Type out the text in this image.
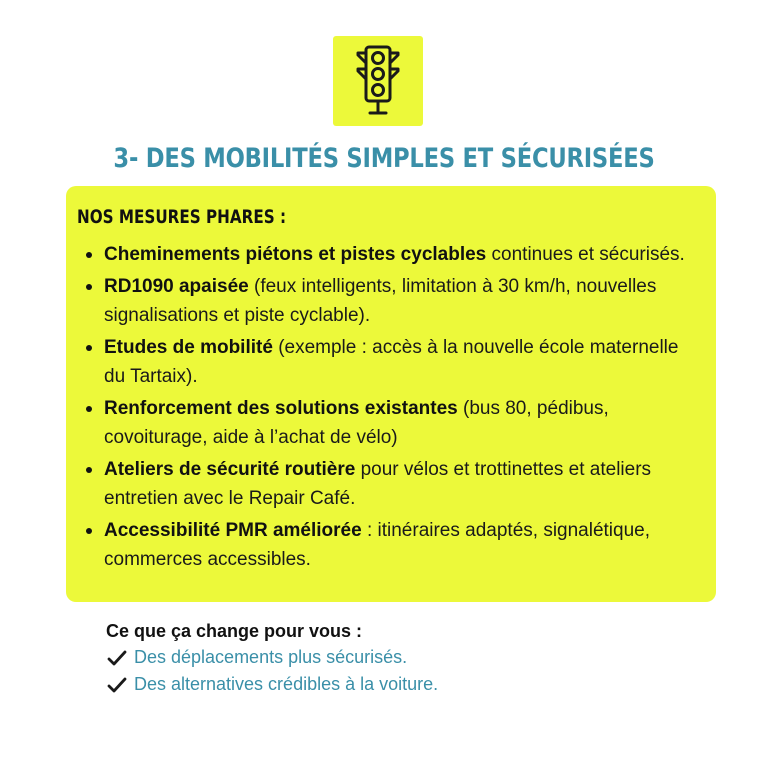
3- DES MOBILITÉS SIMPLES ET SÉCURISÉES
NOS MESURES PHARES :
Cheminements piétons et pistes cyclables continues et sécurisés.
RD1090 apaisée (feux intelligents, limitation à 30 km/h, nouvelles signalisations et piste cyclable).
Etudes de mobilité (exemple : accès à la nouvelle école maternelle du Tartaix).
Renforcement des solutions existantes (bus 80, pédibus, covoiturage, aide à l’achat de vélo)
Ateliers de sécurité routière pour vélos et trottinettes et ateliers entretien avec le Repair Café.
Accessibilité PMR améliorée : itinéraires adaptés, signalétique, commerces accessibles.
Ce que ça change pour vous :
Des déplacements plus sécurisés.
Des alternatives crédibles à la voiture.
